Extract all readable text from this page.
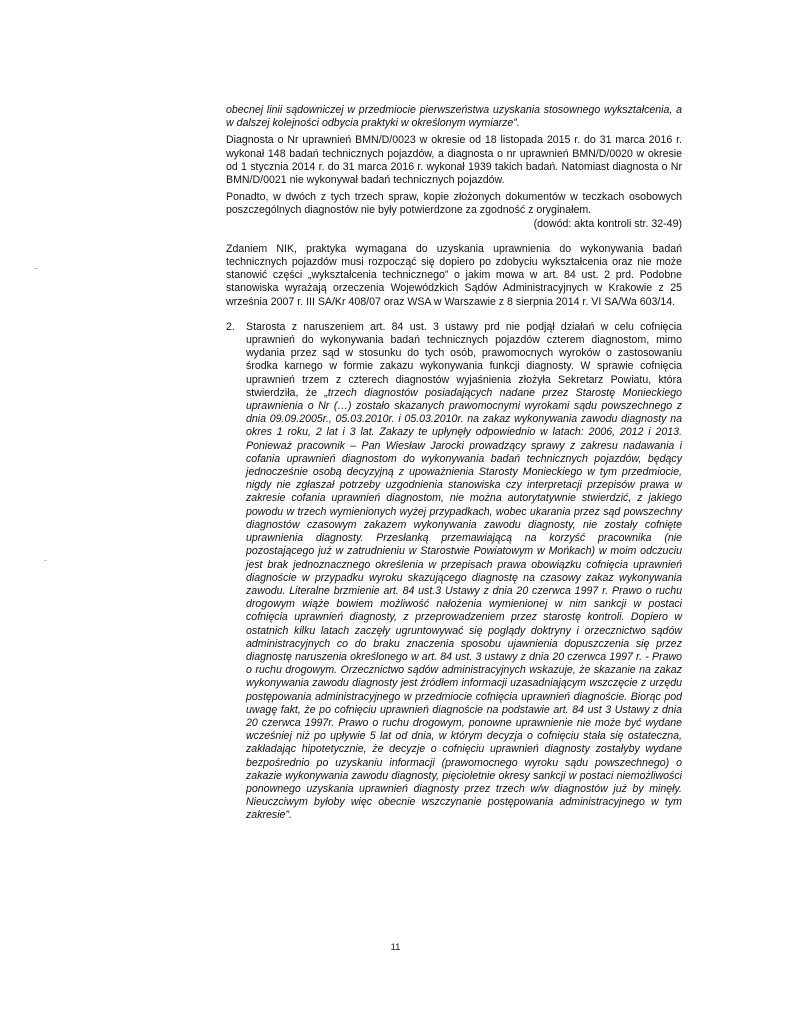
obecnej linii sądowniczej w przedmiocie pierwszeństwa uzyskania stosownego wykształcenia, a w dalszej kolejności odbycia praktyki w określonym wymiarze”.

Diagnosta o Nr uprawnień BMN/D/0023 w okresie od 18 listopada 2015 r. do 31 marca 2016 r. wykonał 148 badań technicznych pojazdów, a diagnosta o nr uprawnień BMN/D/0020 w okresie od 1 stycznia 2014 r. do 31 marca 2016 r. wykonał 1939 takich badań. Natomiast diagnosta o Nr BMN/D/0021 nie wykonywał badań technicznych pojazdów.

Ponadto, w dwóch z tych trzech spraw, kopie złożonych dokumentów w teczkach osobowych poszczególnych diagnostów nie były potwierdzone za zgodność z oryginałem.

(dowód: akta kontroli str. 32-49)

Zdaniem NIK, praktyka wymagana do uzyskania uprawnienia do wykonywania badań technicznych pojazdów musi rozpocząć się dopiero po zdobyciu wykształcenia oraz nie może stanowić części „wykształcenia technicznego” o jakim mowa w art. 84 ust. 2 prd. Podobne stanowiska wyrażają orzeczenia Wojewódzkich Sądów Administracyjnych w Krakowie z 25 września 2007 r. III SA/Kr 408/07 oraz WSA w Warszawie z 8 sierpnia 2014 r. VI SA/Wa 603/14.

2. Starosta z naruszeniem art. 84 ust. 3 ustawy prd nie podjął działań w celu cofnięcia uprawnień do wykonywania badań technicznych pojazdów czterem diagnostom, mimo wydania przez sąd w stosunku do tych osób, prawomocnych wyroków o zastosowaniu środka karnego w formie zakazu wykonywania funkcji diagnosty. W sprawie cofnięcia uprawnień trzem z czterech diagnostów wyjaśnienia złożyła Sekretarz Powiatu, która stwierdziła, że „trzech diagnostów posiadających nadane przez Starostę Monieckiego uprawnienia o Nr (…) zostało skazanych prawomocnymi wyrokami sądu powszechnego z dnia 09.09.2005r., 05.03.2010r. i 05.03.2010r. na zakaz wykonywania zawodu diagnosty na okres 1 roku, 2 lat i 3 lat. Zakazy te upłynęły odpowiednio w latach: 2006, 2012 i 2013. Ponieważ pracownik – Pan Wiesław Jarocki prowadzący sprawy z zakresu nadawania i cofania uprawnień diagnostom do wykonywania badań technicznych pojazdów, będący jednocześnie osobą decyzyjną z upoważnienia Starosty Monieckiego w tym przedmiocie, nigdy nie zgłaszał potrzeby uzgodnienia stanowiska czy interpretacji przepisów prawa w zakresie cofania uprawnień diagnostom, nie można autorytatywnie stwierdzić, z jakiego powodu w trzech wymienionych wyżej przypadkach, wobec ukarania przez sąd powszechny diagnostów czasowym zakazem wykonywania zawodu diagnosty, nie zostały cofnięte uprawnienia diagnosty. Przesłanką przemawiającą na korzyść pracownika (nie pozostającego już w zatrudnieniu w Starostwie Powiatowym w Mońkach) w moim odczuciu jest brak jednoznacznego określenia w przepisach prawa obowiązku cofnięcia uprawnień diagnoście w przypadku wyroku skazującego diagnostę na czasowy zakaz wykonywania zawodu. Literalne brzmienie art. 84 ust.3 Ustawy z dnia 20 czerwca 1997 r. Prawo o ruchu drogowym wiąże bowiem możliwość nałożenia wymienionej w nim sankcji w postaci cofnięcia uprawnień diagnosty, z przeprowadzeniem przez starostę kontroli. Dopiero w ostatnich kilku latach zaczęły ugruntowywać się poglądy doktryny i orzecznictwo sądów administracyjnych co do braku znaczenia sposobu ujawnienia dopuszczenia się przez diagnostę naruszenia określonego w art. 84 ust. 3 ustawy z dnia 20 czerwca 1997 r. - Prawo o ruchu drogowym. Orzecznictwo sądów administracyjnych wskazuje, że skazanie na zakaz wykonywania zawodu diagnosty jest źródłem informacji uzasadniającym wszczęcie z urzędu postępowania administracyjnego w przedmiocie cofnięcia uprawnień diagnoście. Biorąc pod uwagę fakt, że po cofnięciu uprawnień diagnoście na podstawie art. 84 ust 3 Ustawy z dnia 20 czerwca 1997r. Prawo o ruchu drogowym, ponowne uprawnienie nie może być wydane wcześniej niż po upływie 5 lat od dnia, w którym decyzja o cofnięciu stała się ostateczna, zakładając hipotetycznie, że decyzje o cofnięciu uprawnień diagnosty zostałyby wydane bezpośrednio po uzyskaniu informacji (prawomocnego wyroku sądu powszechnego) o zakazie wykonywania zawodu diagnosty, pięcioletnie okresy sankcji w postaci niemożliwości ponownego uzyskania uprawnień diagnosty przez trzech w/w diagnostów już by minęły. Nieuczciwym byłoby więc obecnie wszczynanie postępowania administracyjnego w tym zakresie”.

11
